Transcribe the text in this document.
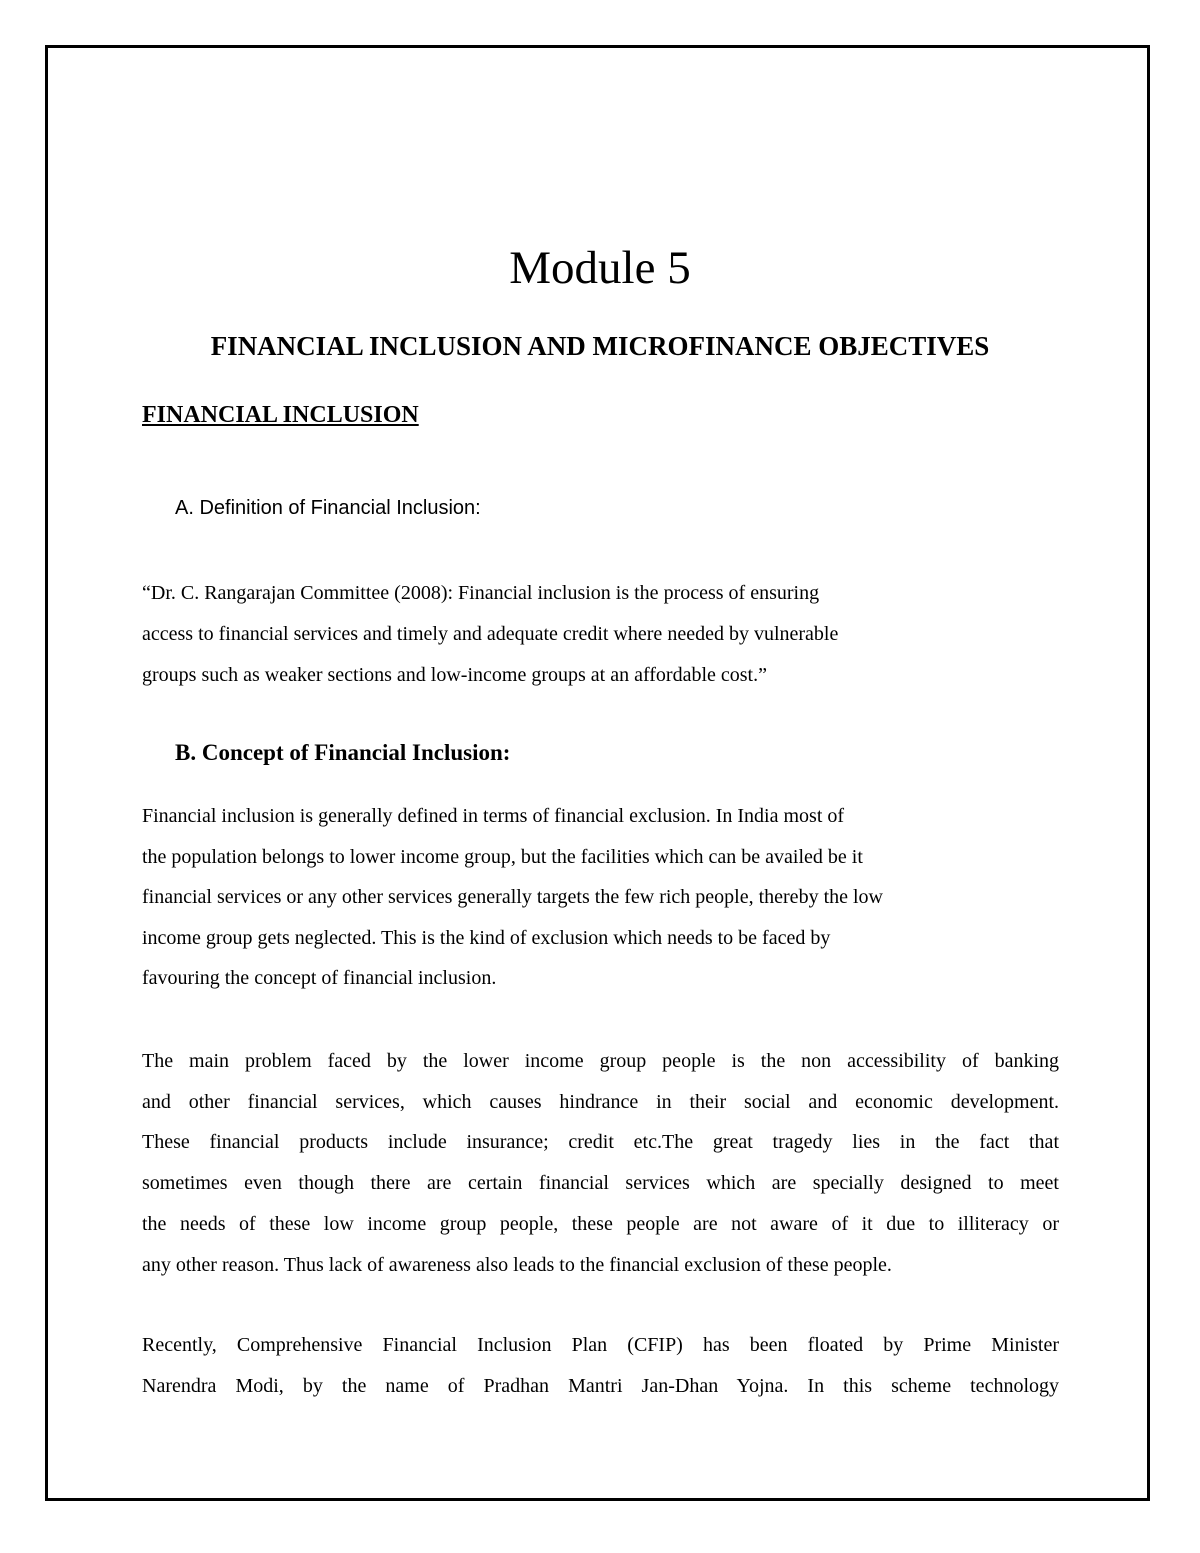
Module 5
FINANCIAL INCLUSION AND MICROFINANCE OBJECTIVES
FINANCIAL INCLUSION
A. Definition of Financial Inclusion:

“Dr. C. Rangarajan Committee (2008): Financial inclusion is the process of ensuring
access to financial services and timely and adequate credit where needed by vulnerable
groups such as weaker sections and low-income groups at an affordable cost.”

B. Concept of Financial Inclusion:

Financial inclusion is generally defined in terms of financial exclusion. In India most of
the population belongs to lower income group, but the facilities which can be availed be it
financial services or any other services generally targets the few rich people, thereby the low
income group gets neglected. This is the kind of exclusion which needs to be faced by
favouring the concept of financial inclusion.

The main problem faced by the lower income group people is the non accessibility of banking
and other financial services, which causes hindrance in their social and economic development.
These financial products include insurance; credit etc.The great tragedy lies in the fact that
sometimes even though there are certain financial services which are specially designed to meet
the needs of these low income group people, these people are not aware of it due to illiteracy or
any other reason. Thus lack of awareness also leads to the financial exclusion of these people.

Recently, Comprehensive Financial Inclusion Plan (CFIP) has been floated by Prime Minister
Narendra Modi, by the name of Pradhan Mantri Jan-Dhan Yojna. In this scheme technology
